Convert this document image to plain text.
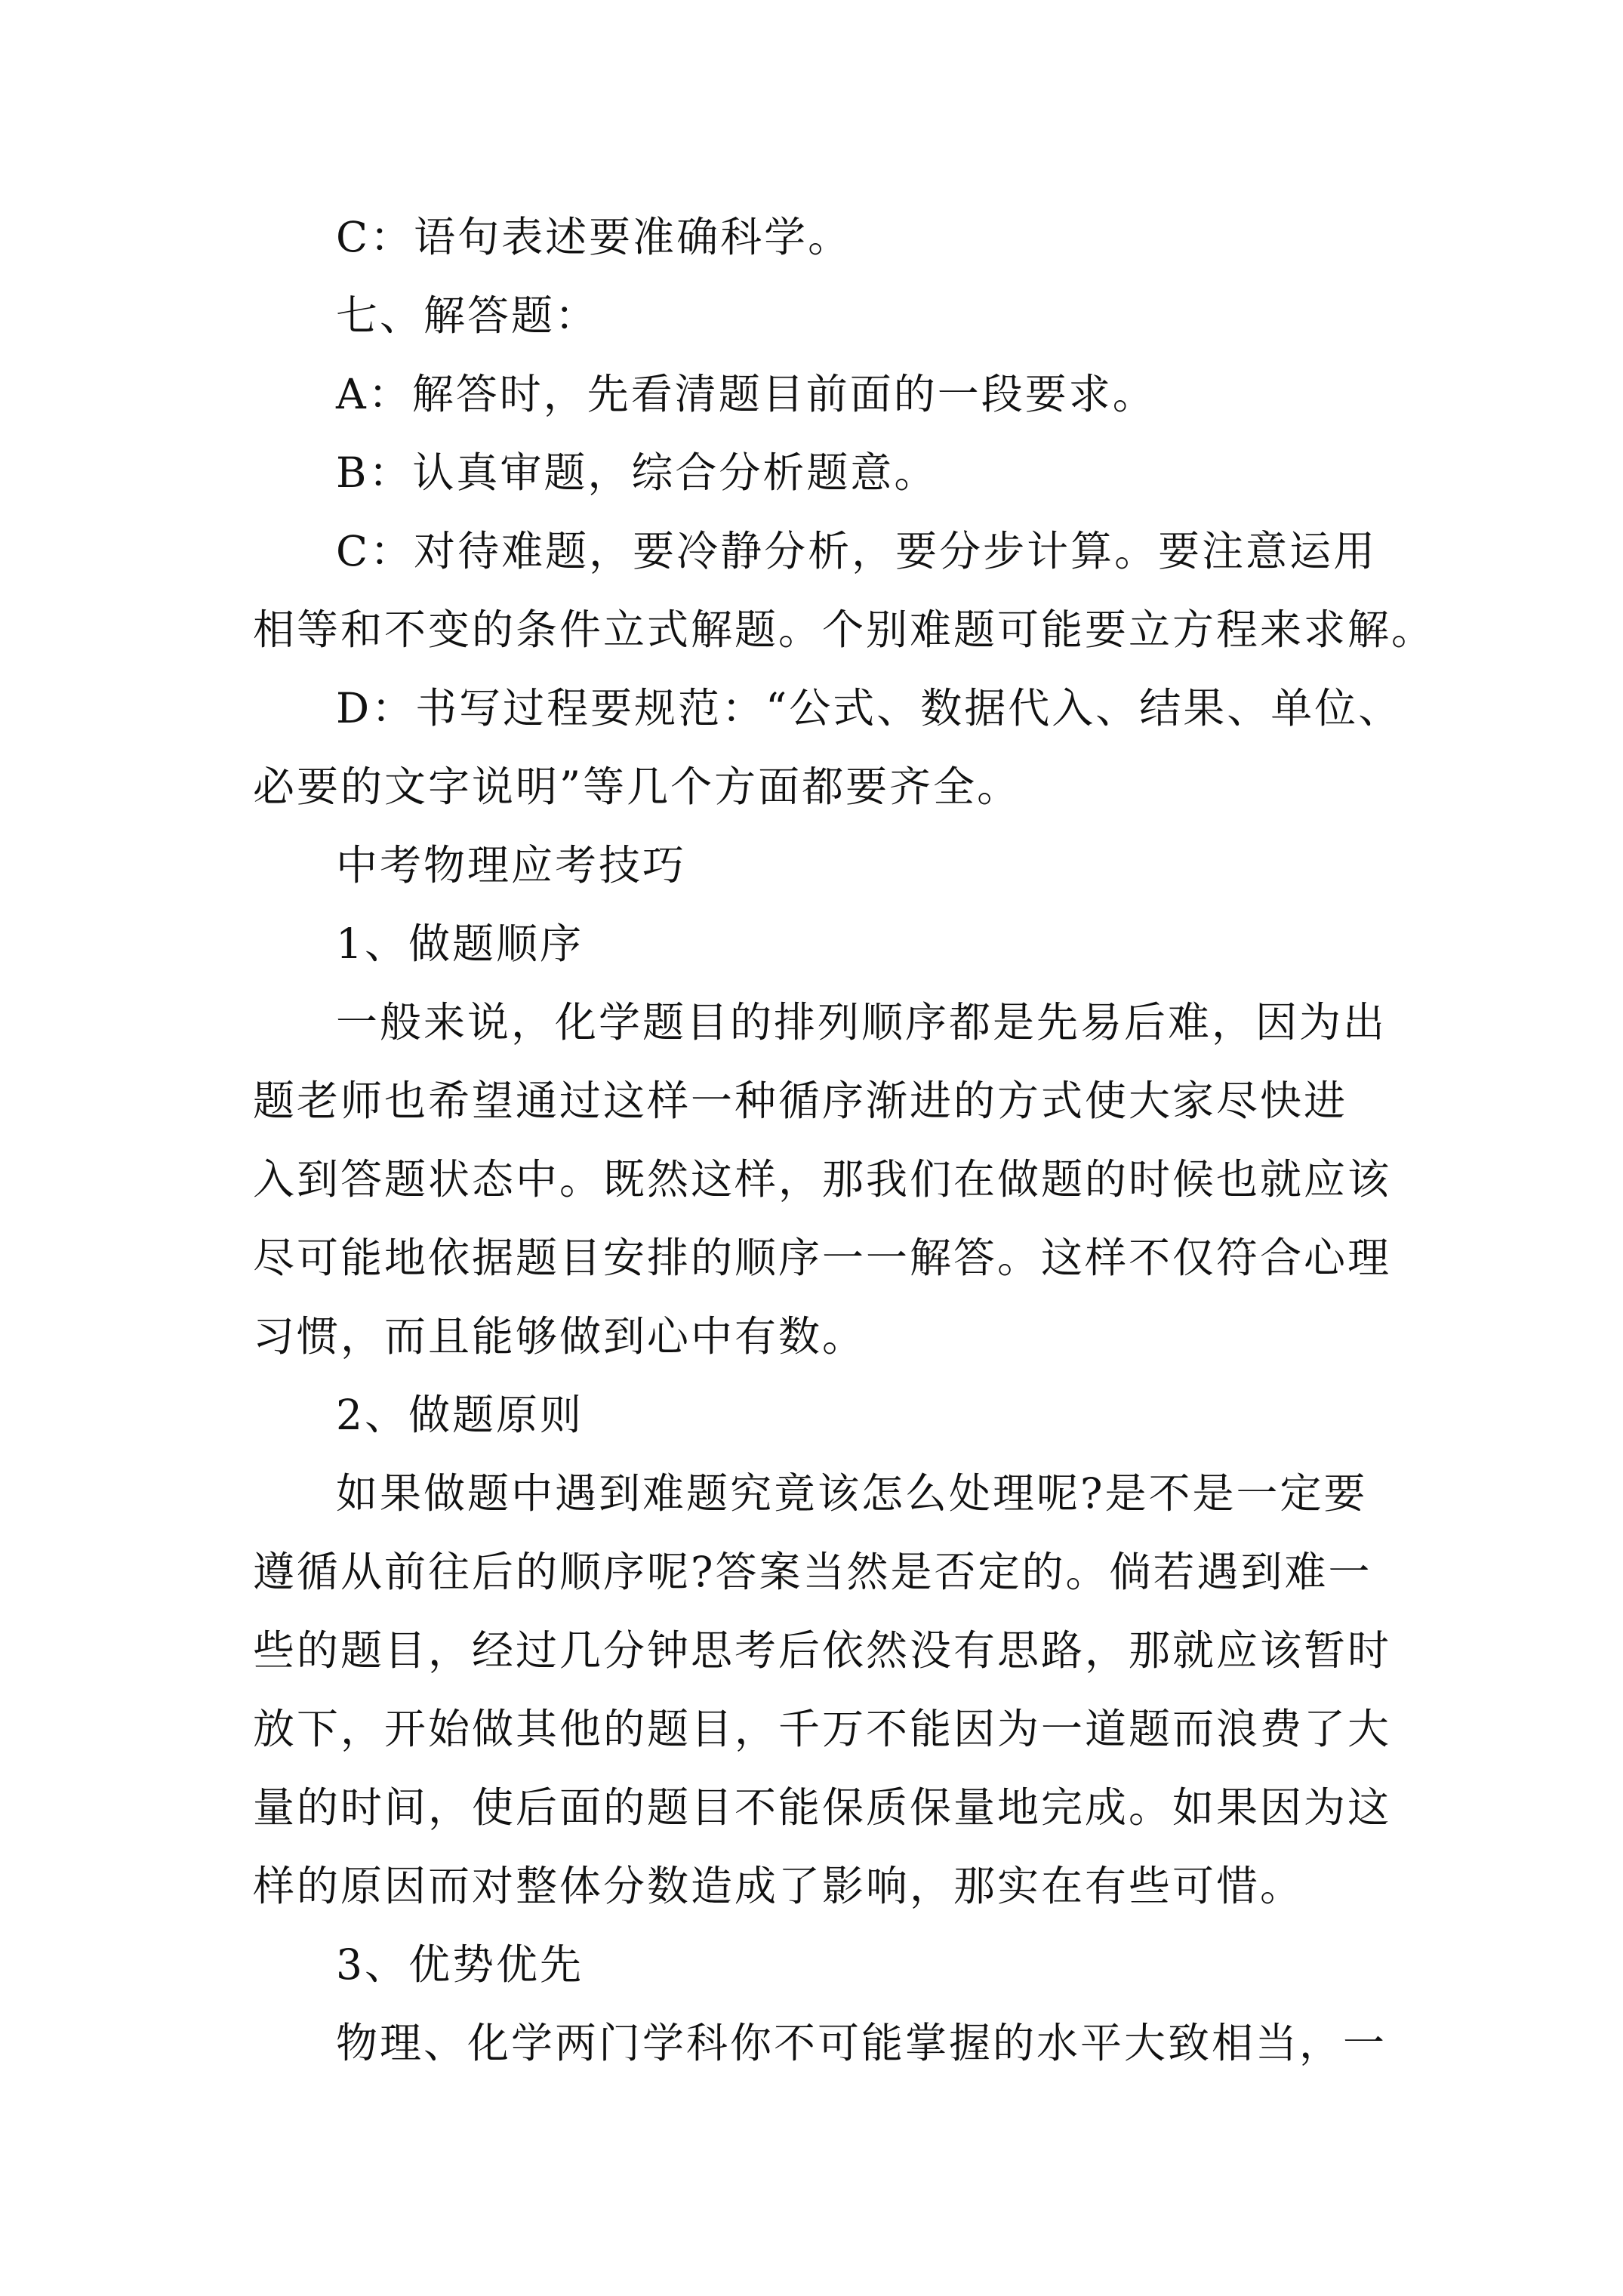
C：语句表述要准确科学。
七、解答题：
A：解答时，先看清题目前面的一段要求。
B：认真审题，综合分析题意。
C：对待难题，要冷静分析，要分步计算。要注意运用
相等和不变的条件立式解题。个别难题可能要立方程来求解。
D：书写过程要规范：“公式、数据代入、结果、单位、
必要的文字说明”等几个方面都要齐全。
中考物理应考技巧
1、做题顺序
一般来说，化学题目的排列顺序都是先易后难，因为出
题老师也希望通过这样一种循序渐进的方式使大家尽快进
入到答题状态中。既然这样，那我们在做题的时候也就应该
尽可能地依据题目安排的顺序一一解答。这样不仅符合心理
习惯，而且能够做到心中有数。
2、做题原则
如果做题中遇到难题究竟该怎么处理呢?是不是一定要
遵循从前往后的顺序呢?答案当然是否定的。倘若遇到难一
些的题目，经过几分钟思考后依然没有思路，那就应该暂时
放下，开始做其他的题目，千万不能因为一道题而浪费了大
量的时间，使后面的题目不能保质保量地完成。如果因为这
样的原因而对整体分数造成了影响，那实在有些可惜。
3、优势优先
物理、化学两门学科你不可能掌握的水平大致相当，一
